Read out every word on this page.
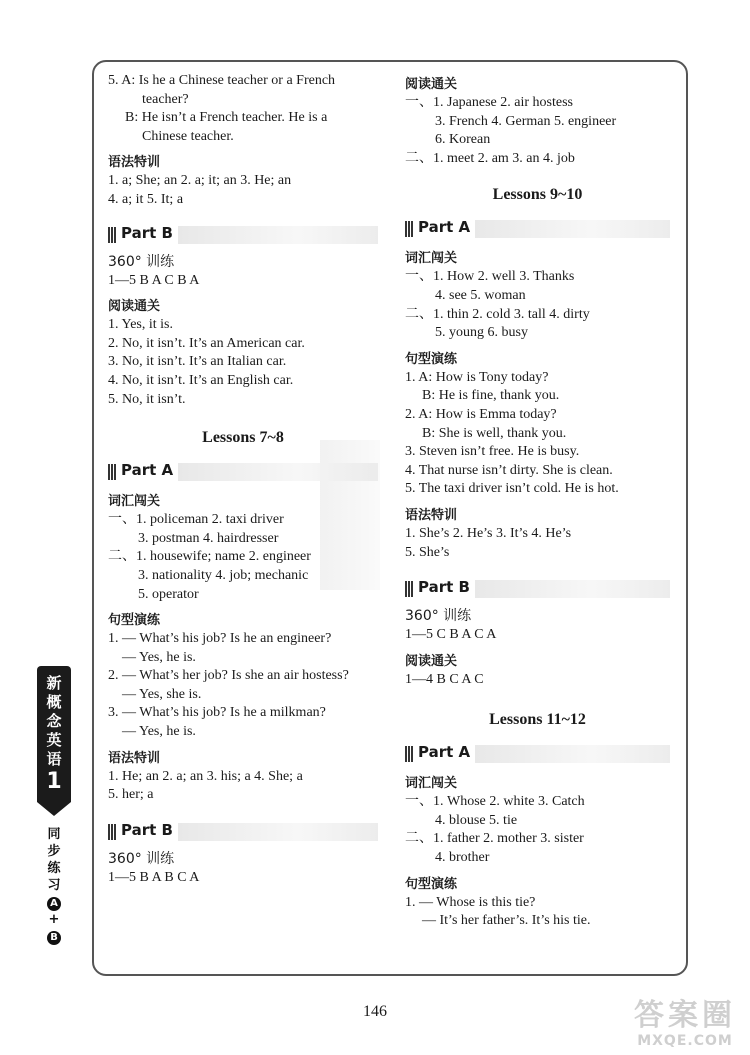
5. A: Is he a Chinese teacher or a French
teacher?
B: He isn’t a French teacher. He is a
Chinese teacher.
语法特训
1. a; She; an 2. a; it; an 3. He; an
4. a; it 5. It; a
Part B
360° 训练
1—5 B A C B A
阅读通关
1. Yes, it is.
2. No, it isn’t. It’s an American car.
3. No, it isn’t. It’s an Italian car.
4. No, it isn’t. It’s an English car.
5. No, it isn’t.
Lessons 7~8
Part A
词汇闯关
一、1. policeman 2. taxi driver
3. postman 4. hairdresser
二、1. housewife; name 2. engineer
3. nationality 4. job; mechanic
5. operator
句型演练
1. — What’s his job? Is he an engineer?
— Yes, he is.
2. — What’s her job? Is she an air hostess?
— Yes, she is.
3. — What’s his job? Is he a milkman?
— Yes, he is.
语法特训
1. He; an 2. a; an 3. his; a 4. She; a
5. her; a
Part B
360° 训练
1—5 B A B C A
阅读通关
一、1. Japanese 2. air hostess
3. French 4. German 5. engineer
6. Korean
二、1. meet 2. am 3. an 4. job
Lessons 9~10
Part A
词汇闯关
一、1. How 2. well 3. Thanks
4. see 5. woman
二、1. thin 2. cold 3. tall 4. dirty
5. young 6. busy
句型演练
1. A: How is Tony today?
B: He is fine, thank you.
2. A: How is Emma today?
B: She is well, thank you.
3. Steven isn’t free. He is busy.
4. That nurse isn’t dirty. She is clean.
5. The taxi driver isn’t cold. He is hot.
语法特训
1. She’s 2. He’s 3. It’s 4. He’s
5. She’s
Part B
360° 训练
1—5 C B A C A
阅读通关
1—4 B C A C
Lessons 11~12
Part A
词汇闯关
一、1. Whose 2. white 3. Catch
4. blouse 5. tie
二、1. father 2. mother 3. sister
4. brother
句型演练
1. — Whose is this tie?
— It’s her father’s. It’s his tie.
新
概
念
英
语
1
同
步
练
习
A
+
B
146	答案圈
MXQE.COM
